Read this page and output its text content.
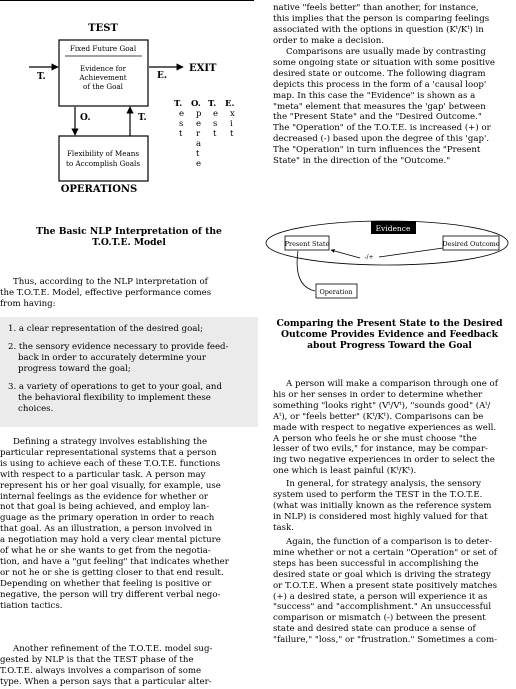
TEST
Fixed Future Goal
Evidence for
Achievement
of the Goal
T.	E.
EXIT
O.	T.
Flexibility of Means
to Accomplish Goals
OPERATIONS
T. O. T. E.
e
s
t
p
e
r
a
t
e
e
s
t
x
i
t
The Basic NLP Interpretation of the
T.O.T.E. Model

Thus, according to the NLP interpretation of

the T.O.T.E. Model, effective performance comes

from having:

1. a clear representation of the desired goal;

2. the sensory evidence necessary to provide feed-

back in order to accurately determine your

progress toward the goal;

3. a variety of operations to get to your goal, and

the behavioral flexibility to implement these

choices.

Defining a strategy involves establishing the

particular representational systems that a person

is using to achieve each of these T.O.T.E. functions

with respect to a particular task. A person may

represent his or her goal visually, for example, use

internal feelings as the evidence for whether or

not that goal is being achieved, and employ lan-

guage as the primary operation in order to reach

that goal. As an illustration, a person involved in

a negotiation may hold a very clear mental picture

of what he or she wants to get from the negotia-

tion, and have a "gut feeling" that indicates whether

or not he or she is getting closer to that end result.

Depending on whether that feeling is positive or

negative, the person will try different verbal nego-

tiation tactics.

Another refinement of the T.O.T.E. model sug-

gested by NLP is that the TEST phase of the

T.O.T.E. always involves a comparison of some

type. When a person says that a particular alter-

native "feels better" than another, for instance,

this implies that the person is comparing feelings

associated with the options in question (Kᵗ/Kᵗ) in

order to make a decision.

Comparisons are usually made by contrasting

some ongoing state or situation with some positive

desired state or outcome. The following diagram

depicts this process in the form of a 'causal loop'

map. In this case the "Evidence" is shown as a

"meta" element that measures the 'gap' between

the "Present State" and the "Desired Outcome."

The "Operation" of the T.O.T.E. is increased (+) or

decreased (-) based upon the degree of this 'gap'.

The "Operation" in turn influences the "Present

State" in the direction of the "Outcome."

Evidence
Present State	Desired Outcome
-/+
Operation
Comparing the Present State to the Desired
Outcome Provides Evidence and Feedback
about Progress Toward the Goal

A person will make a comparison through one of

his or her senses in order to determine whether

something "looks right" (Vᵗ/Vᵗ), "sounds good" (Aᵗ/

Aᵗ), or "feels better" (Kᵗ/Kᵗ). Comparisons can be

made with respect to negative experiences as well.

A person who feels he or she must choose "the

lesser of two evils," for instance, may be compar-

ing two negative experiences in order to select the

one which is least painful (Kᵗ/Kᵗ).

In general, for strategy analysis, the sensory

system used to perform the TEST in the T.O.T.E.

(what was initially known as the reference system

in NLP) is considered most highly valued for that

task.

Again, the function of a comparison is to deter-

mine whether or not a certain "Operation" or set of

steps has been successful in accomplishing the

desired state or goal which is driving the strategy

or T.O.T.E. When a present state positively matches

(+) a desired state, a person will experience it as

"success" and "accomplishment." An unsuccessful

comparison or mismatch (-) between the present

state and desired state can produce a sense of

"failure," "loss," or "frustration." Sometimes a com-
